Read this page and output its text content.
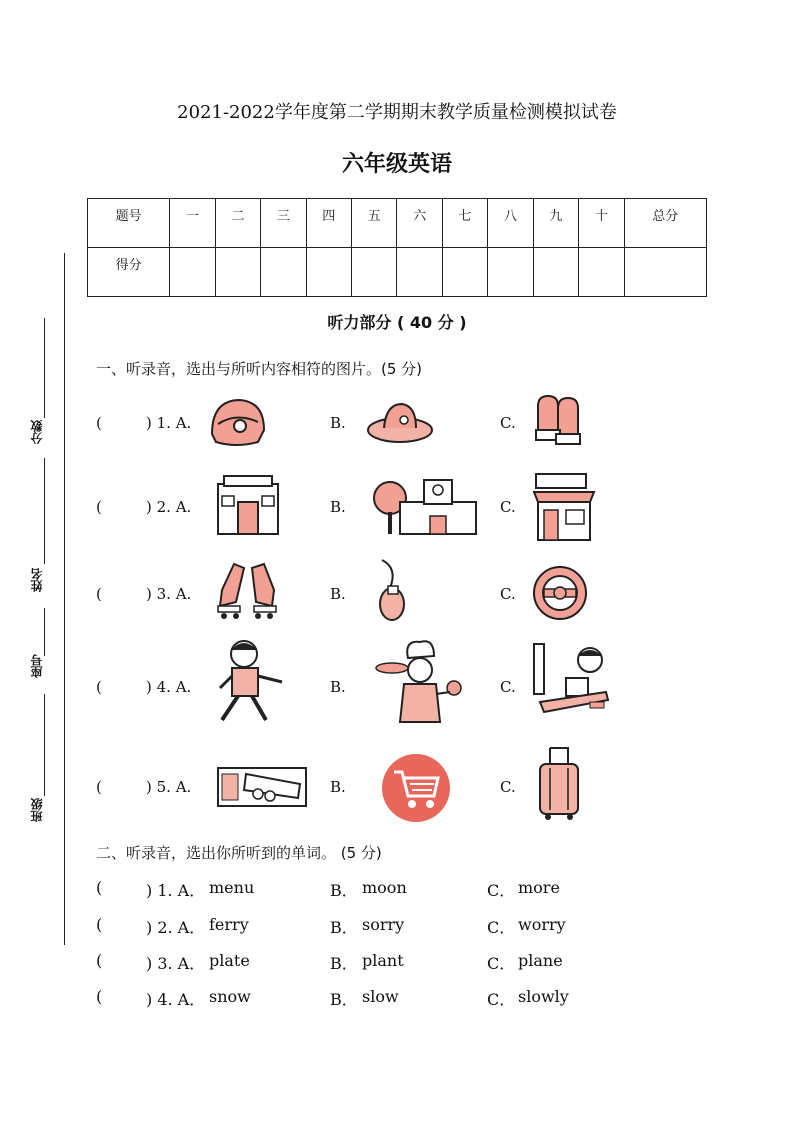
2021-2022学年度第二学期期末教学质量检测模拟试卷
六年级英语
题号	一	二	三	四	五	六	七	八	九	十	总分
得分											
分数
姓名
座号
班级
听力部分 ( 40 分 )
一、听录音，选出与所听内容相符的图片。(5 分)
(	) 1. A.	B.	C.
(	) 2. A.	B.	C.
(	) 3. A.	B.	C.
(	) 4. A.	B.	C.
(	) 5. A.	B.	C.
二、听录音，选出你所听到的单词。 (5 分)
(	) 1. A． menu	B． moon	C． more
(	) 2. A． ferry	B． sorry	C． worry
(	) 3. A． plate	B． plant	C． plane
(	) 4. A． snow	B． slow	C． slowly
